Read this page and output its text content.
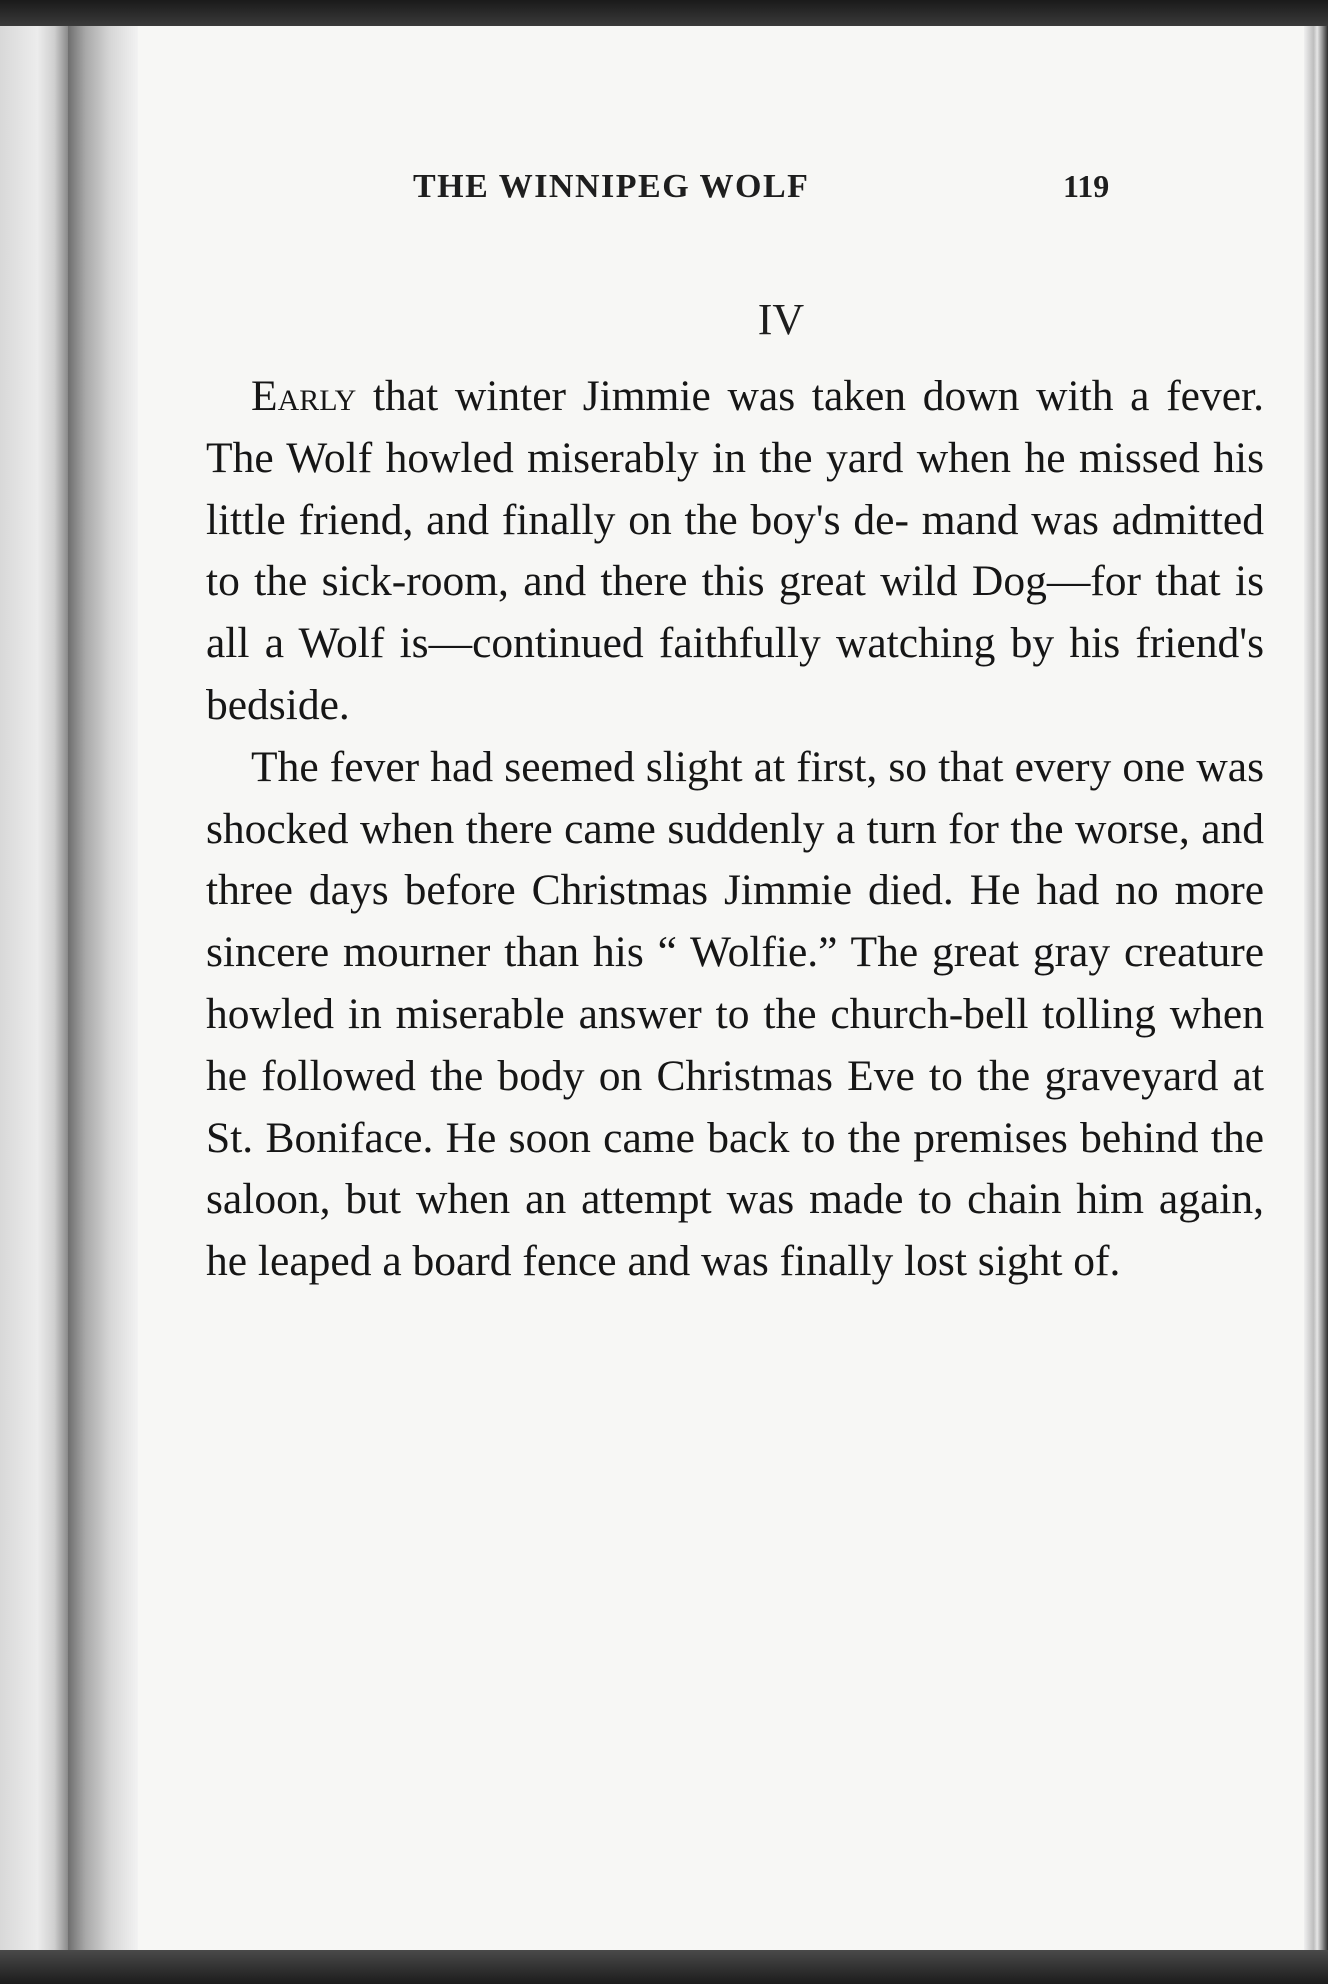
THE WINNIPEG WOLF	119
IV

Early that winter Jimmie was taken down with a fever. The Wolf howled miserably in the yard when he missed his little friend, and finally on the boy's de- mand was admitted to the sick-room, and there this great wild Dog—for that is all a Wolf is—continued faithfully watching by his friend's bedside.

The fever had seemed slight at first, so that every one was shocked when there came suddenly a turn for the worse, and three days before Christmas Jimmie died. He had no more sincere mourner than his “ Wolfie.” The great gray creature howled in miserable answer to the church-bell tolling when he followed the body on Christmas Eve to the graveyard at St. Boniface. He soon came back to the premises behind the saloon, but when an attempt was made to chain him again, he leaped a board fence and was finally lost sight of.
